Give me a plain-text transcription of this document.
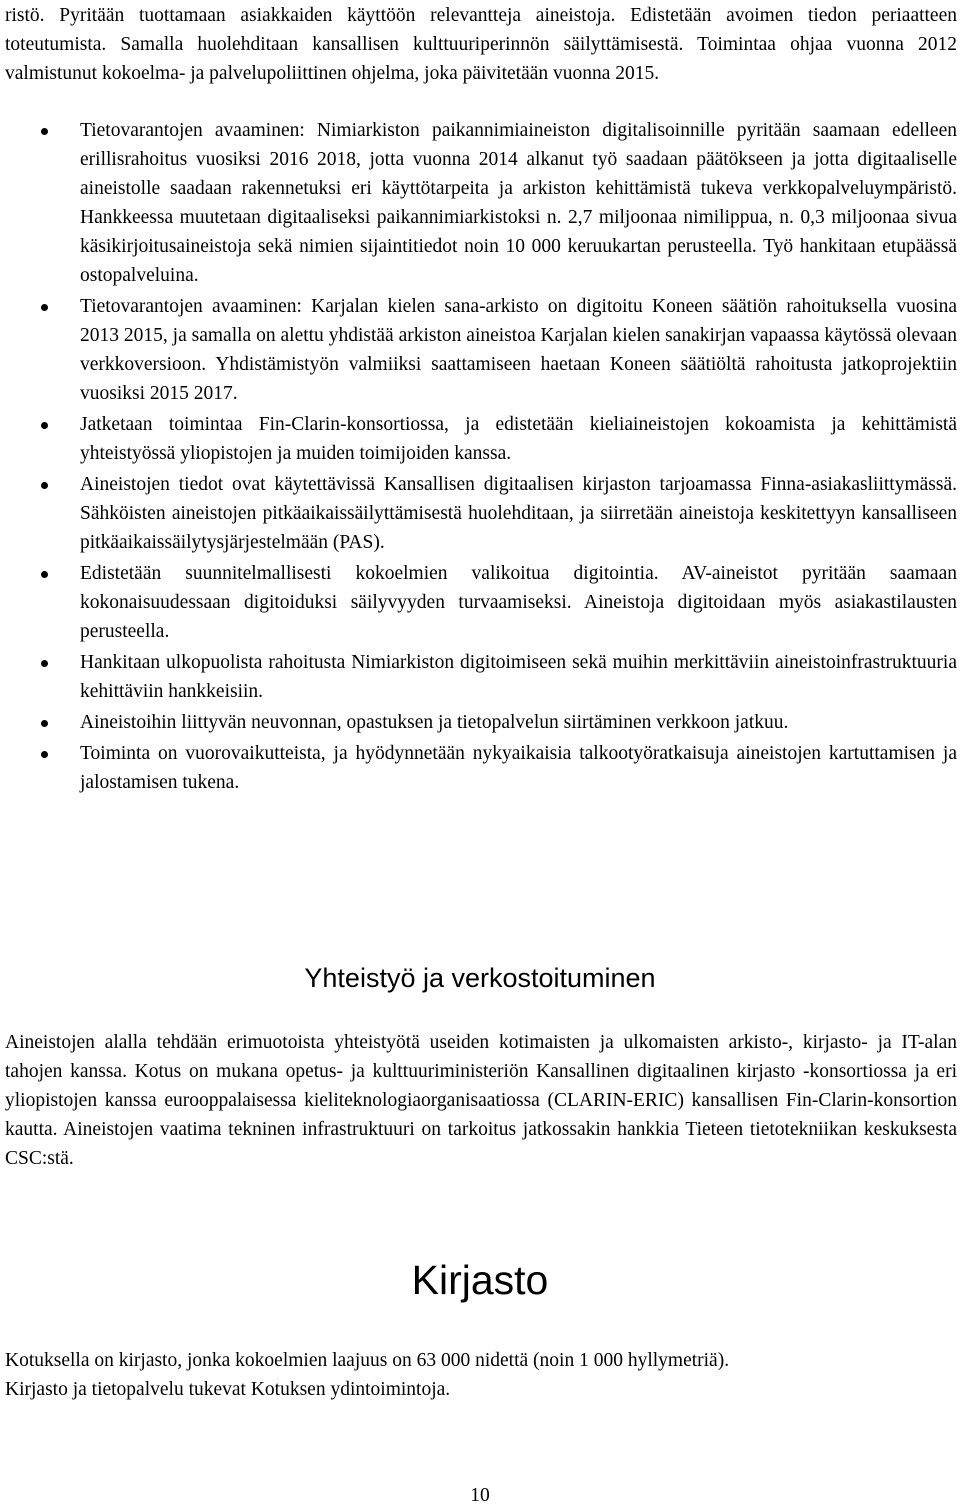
ristö. Pyritään tuottamaan asiakkaiden käyttöön relevantteja aineistoja. Edistetään avoimen tiedon periaatteen toteutumista. Samalla huolehditaan kansallisen kulttuuriperinnön säilyttämisestä. Toimintaa ohjaa vuonna 2012 valmistunut kokoelma- ja palvelupoliittinen ohjelma, joka päivitetään vuonna 2015.

Tietovarantojen avaaminen: Nimiarkiston paikannimiaineiston digitalisoinnille pyritään saamaan edelleen erillisrahoitus vuosiksi 2016 2018, jotta vuonna 2014 alkanut työ saadaan päätökseen ja jotta digitaaliselle aineistolle saadaan rakennetuksi eri käyttötarpeita ja arkiston kehittämistä tukeva verkkopalveluympäristö. Hankkeessa muutetaan digitaaliseksi paikannimiarkistoksi n. 2,7 miljoonaa nimilippua, n. 0,3 miljoonaa sivua käsikirjoitusaineistoja sekä nimien sijaintitiedot noin 10 000 keruukartan perusteella. Työ hankitaan etupäässä ostopalveluina.
Tietovarantojen avaaminen: Karjalan kielen sana-arkisto on digitoitu Koneen säätiön rahoituksella vuosina 2013 2015, ja samalla on alettu yhdistää arkiston aineistoa Karjalan kielen sanakirjan vapaassa käytössä olevaan verkkoversioon. Yhdistämistyön valmiiksi saattamiseen haetaan Koneen säätiöltä rahoitusta jatkoprojektiin vuosiksi 2015 2017.
Jatketaan toimintaa Fin-Clarin-konsortiossa, ja edistetään kieliaineistojen kokoamista ja kehittämistä yhteistyössä yliopistojen ja muiden toimijoiden kanssa.
Aineistojen tiedot ovat käytettävissä Kansallisen digitaalisen kirjaston tarjoamassa Finna-asiakasliittymässä. Sähköisten aineistojen pitkäaikaissäilyttämisestä huolehditaan, ja siirretään aineistoja keskitettyyn kansalliseen pitkäaikaissäilytysjärjestelmään (PAS).
Edistetään suunnitelmallisesti kokoelmien valikoitua digitointia. AV-aineistot pyritään saamaan kokonaisuudessaan digitoiduksi säilyvyyden turvaamiseksi. Aineistoja digitoidaan myös asiakastilausten perusteella.
Hankitaan ulkopuolista rahoitusta Nimiarkiston digitoimiseen sekä muihin merkittäviin aineistoinfrastruktuuria kehittäviin hankkeisiin.
Aineistoihin liittyvän neuvonnan, opastuksen ja tietopalvelun siirtäminen verkkoon jatkuu.
Toiminta on vuorovaikutteista, ja hyödynnetään nykyaikaisia talkootyöratkaisuja aineistojen kartuttamisen ja jalostamisen tukena.
Yhteistyö ja verkostoituminen

Aineistojen alalla tehdään erimuotoista yhteistyötä useiden kotimaisten ja ulkomaisten arkisto-, kirjasto- ja IT-alan tahojen kanssa. Kotus on mukana opetus- ja kulttuuriministeriön Kansallinen digitaalinen kirjasto -konsortiossa ja eri yliopistojen kanssa eurooppalaisessa kieliteknologiaorganisaatiossa (CLARIN-ERIC) kansallisen Fin-Clarin-konsortion kautta. Aineistojen vaatima tekninen infrastruktuuri on tarkoitus jatkossakin hankkia Tieteen tietotekniikan keskuksesta CSC:stä.

Kirjasto
Kotuksella on kirjasto, jonka kokoelmien laajuus on 63 000 nidettä (noin 1 000 hyllymetriä).
Kirjasto ja tietopalvelu tukevat Kotuksen ydintoimintoja.
10
